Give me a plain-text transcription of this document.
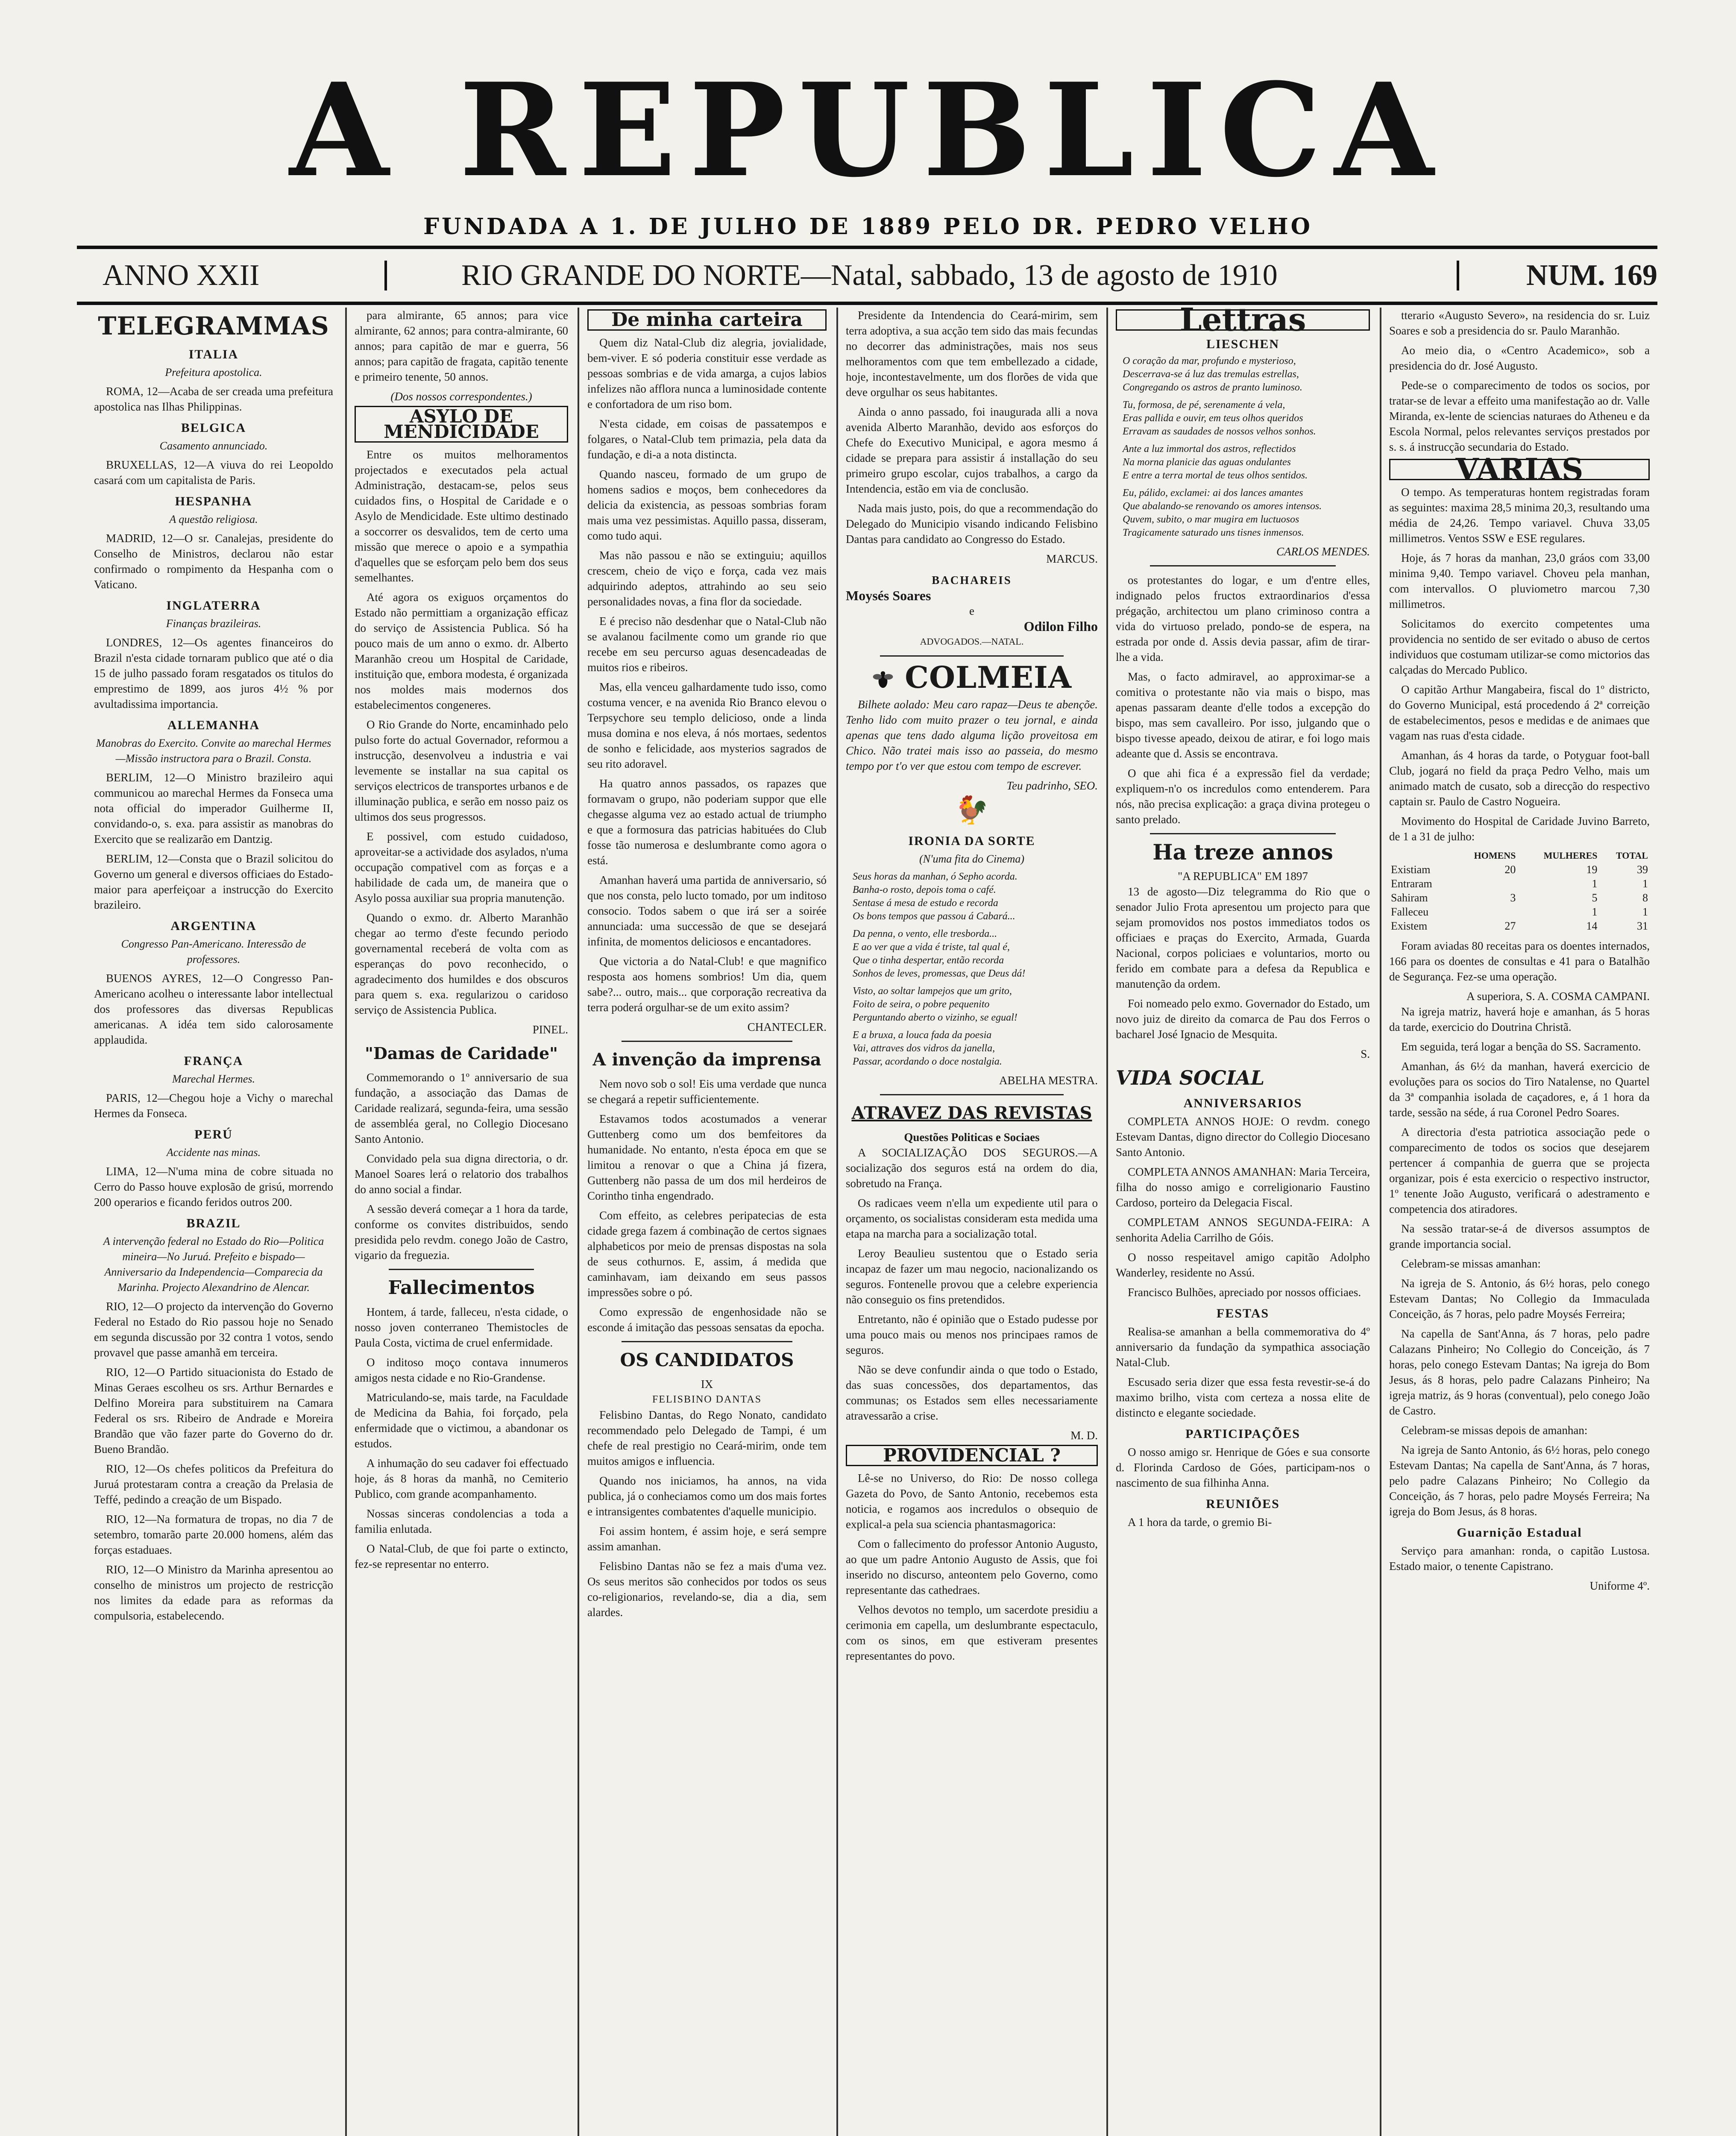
A REPUBLICA
FUNDADA A 1. DE JULHO DE 1889 PELO DR. PEDRO VELHO
ANNO XXII	RIO GRANDE DO NORTE—Natal, sabbado, 13 de agosto de 1910	NUM. 169
TELEGRAMMAS
ITALIA
Prefeitura apostolica.

ROMA, 12—Acaba de ser creada uma prefeitura apostolica nas Ilhas Philippinas.

BELGICA
Casamento annunciado.

BRUXELLAS, 12—A viuva do rei Leopoldo casará com um capitalista de Paris.

HESPANHA
A questão religiosa.

MADRID, 12—O sr. Canalejas, presidente do Conselho de Ministros, declarou não estar confirmado o rompimento da Hespanha com o Vaticano.

INGLATERRA
Finanças brazileiras.

LONDRES, 12—Os agentes financeiros do Brazil n'esta cidade tornaram publico que até o dia 15 de julho passado foram resgatados os titulos do emprestimo de 1899, aos juros 4½ % por avultadissima importancia.

ALLEMANHA
Manobras do Exercito. Convite ao marechal Hermes—Missão instructora para o Brazil. Consta.

BERLIM, 12—O Ministro brazileiro aqui communicou ao marechal Hermes da Fonseca uma nota official do imperador Guilherme II, convidando-o, s. exa. para assistir as manobras do Exercito que se realizarão em Dantzig.

BERLIM, 12—Consta que o Brazil solicitou do Governo um general e diversos officiaes do Estado-maior para aperfeiçoar a instrucção do Exercito brazileiro.

ARGENTINA
Congresso Pan-Americano. Interessão de professores.

BUENOS AYRES, 12—O Congresso Pan-Americano acolheu o interessante labor intellectual dos professores das diversas Republicas americanas. A idéa tem sido calorosamente applaudida.

FRANÇA
Marechal Hermes.

PARIS, 12—Chegou hoje a Vichy o marechal Hermes da Fonseca.

PERÚ
Accidente nas minas.

LIMA, 12—N'uma mina de cobre situada no Cerro do Passo houve explosão de grisú, morrendo 200 operarios e ficando feridos outros 200.

BRAZIL
A intervenção federal no Estado do Rio—Politica mineira—No Juruá. Prefeito e bispado—Anniversario da Independencia—Comparecia da Marinha. Projecto Alexandrino de Alencar.

RIO, 12—O projecto da intervenção do Governo Federal no Estado do Rio passou hoje no Senado em segunda discussão por 32 contra 1 votos, sendo provavel que passe amanhã em terceira.

RIO, 12—O Partido situacionista do Estado de Minas Geraes escolheu os srs. Arthur Bernardes e Delfino Moreira para substituirem na Camara Federal os srs. Ribeiro de Andrade e Moreira Brandão que vão fazer parte do Governo do dr. Bueno Brandão.

RIO, 12—Os chefes politicos da Prefeitura do Juruá protestaram contra a creação da Prelasia de Teffé, pedindo a creação de um Bispado.

RIO, 12—Na formatura de tropas, no dia 7 de setembro, tomarão parte 20.000 homens, além das forças estaduaes.

RIO, 12—O Ministro da Marinha apresentou ao conselho de ministros um projecto de restricção nos limites da edade para as reformas da compulsoria, estabelecendo.

para almirante, 65 annos; para vice almirante, 62 annos; para contra-almirante, 60 annos; para capitão de mar e guerra, 56 annos; para capitão de fragata, capitão tenente e primeiro tenente, 50 annos.

(Dos nossos correspondentes.)
ASYLO DE MENDICIDADE

Entre os muitos melhoramentos projectados e executados pela actual Administração, destacam-se, pelos seus cuidados fins, o Hospital de Caridade e o Asylo de Mendicidade. Este ultimo destinado a soccorrer os desvalidos, tem de certo uma missão que merece o apoio e a sympathia d'aquelles que se esforçam pelo bem dos seus semelhantes.

Até agora os exiguos orçamentos do Estado não permittiam a organização efficaz do serviço de Assistencia Publica. Só ha pouco mais de um anno o exmo. dr. Alberto Maranhão creou um Hospital de Caridade, instituição que, embora modesta, é organizada nos moldes mais modernos dos estabelecimentos congeneres.

O Rio Grande do Norte, encaminhado pelo pulso forte do actual Governador, reformou a instrucção, desenvolveu a industria e vai levemente se installar na sua capital os serviços electricos de transportes urbanos e de illuminação publica, e serão em nosso paiz os ultimos dos seus progressos.

E possivel, com estudo cuidadoso, aproveitar-se a actividade dos asylados, n'uma occupação compativel com as forças e a habilidade de cada um, de maneira que o Asylo possa auxiliar sua propria manutenção.

Quando o exmo. dr. Alberto Maranhão chegar ao termo d'este fecundo periodo governamental receberá de volta com as esperanças do povo reconhecido, o agradecimento dos humildes e dos obscuros para quem s. exa. regularizou o caridoso serviço de Assistencia Publica.

PINEL.
"Damas de Caridade"

Commemorando o 1º anniversario de sua fundação, a associação das Damas de Caridade realizará, segunda-feira, uma sessão de assembléa geral, no Collegio Diocesano Santo Antonio.

Convidado pela sua digna directoria, o dr. Manoel Soares lerá o relatorio dos trabalhos do anno social a findar.

A sessão deverá começar a 1 hora da tarde, conforme os convites distribuidos, sendo presidida pelo revdm. conego João de Castro, vigario da freguezia.

Fallecimentos

Hontem, á tarde, falleceu, n'esta cidade, o nosso joven conterraneo Themistocles de Paula Costa, victima de cruel enfermidade.

O inditoso moço contava innumeros amigos nesta cidade e no Rio-Grandense.

Matriculando-se, mais tarde, na Faculdade de Medicina da Bahia, foi forçado, pela enfermidade que o victimou, a abandonar os estudos.

A inhumação do seu cadaver foi effectuado hoje, ás 8 horas da manhã, no Cemiterio Publico, com grande acompanhamento.

Nossas sinceras condolencias a toda a familia enlutada.

O Natal-Club, de que foi parte o extincto, fez-se representar no enterro.

De minha carteira

Quem diz Natal-Club diz alegria, jovialidade, bem-viver. E só poderia constituir esse verdade as pessoas sombrias e de vida amarga, a cujos labios infelizes não afflora nunca a luminosidade contente e confortadora de um riso bom.

N'esta cidade, em coisas de passatempos e folgares, o Natal-Club tem primazia, pela data da fundação, e di-a a nota distincta.

Quando nasceu, formado de um grupo de homens sadios e moços, bem conhecedores da delicia da existencia, as pessoas sombrias foram mais uma vez pessimistas. Aquillo passa, disseram, como tudo aqui.

Mas não passou e não se extinguiu; aquillos crescem, cheio de viço e força, cada vez mais adquirindo adeptos, attrahindo ao seu seio personalidades novas, a fina flor da sociedade.

E é preciso não desdenhar que o Natal-Club não se avalanou facilmente como um grande rio que recebe em seu percurso aguas desencadeadas de muitos rios e ribeiros.

Mas, ella venceu galhardamente tudo isso, como costuma vencer, e na avenida Rio Branco elevou o Terpsychore seu templo delicioso, onde a linda musa domina e nos eleva, á nós mortaes, sedentos de sonho e felicidade, aos mysterios sagrados de seu rito adoravel.

Ha quatro annos passados, os rapazes que formavam o grupo, não poderiam suppor que elle chegasse alguma vez ao estado actual de triumpho e que a formosura das patricias habituées do Club fosse tão numerosa e deslumbrante como agora o está.

Amanhan haverá uma partida de anniversario, só que nos consta, pelo lucto tomado, por um inditoso consocio. Todos sabem o que irá ser a soirée annunciada: uma successão de que se desejará infinita, de momentos deliciosos e encantadores.

Que victoria a do Natal-Club! e que magnifico resposta aos homens sombrios! Um dia, quem sabe?... outro, mais... que corporação recreativa da terra poderá orgulhar-se de um exito assim?

CHANTECLER.
A invenção da imprensa

Nem novo sob o sol! Eis uma verdade que nunca se chegará a repetir sufficientemente.

Estavamos todos acostumados a venerar Guttenberg como um dos bemfeitores da humanidade. No entanto, n'esta época em que se limitou a renovar o que a China já fizera, Guttenberg não passa de um dos mil herdeiros de Corintho tinha engendrado.

Com effeito, as celebres peripatecias de esta cidade grega fazem á combinação de certos signaes alphabeticos por meio de prensas dispostas na sola de seus cothurnos. E, assim, á medida que caminhavam, iam deixando em seus passos impressões sobre o pó.

Como expressão de engenhosidade não se esconde á imitação das pessoas sensatas da epocha.

OS CANDIDATOS
IX
FELISBINO DANTAS

Felisbino Dantas, do Rego Nonato, candidato recommendado pelo Delegado de Tampi, é um chefe de real prestigio no Ceará-mirim, onde tem muitos amigos e influencia.

Quando nos iniciamos, ha annos, na vida publica, já o conheciamos como um dos mais fortes e intransigentes combatentes d'aquelle municipio.

Foi assim hontem, é assim hoje, e será sempre assim amanhan.

Felisbino Dantas não se fez a mais d'uma vez. Os seus meritos são conhecidos por todos os seus co-religionarios, revelando-se, dia a dia, sem alardes.

Presidente da Intendencia do Ceará-mirim, sem terra adoptiva, a sua acção tem sido das mais fecundas no decorrer das administrações, mais nos seus melhoramentos com que tem embellezado a cidade, hoje, incontestavelmente, um dos florões de vida que deve orgulhar os seus habitantes.

Ainda o anno passado, foi inaugurada alli a nova avenida Alberto Maranhão, devido aos esforços do Chefe do Executivo Municipal, e agora mesmo á cidade se prepara para assistir á installação do seu primeiro grupo escolar, cujos trabalhos, a cargo da Intendencia, estão em via de conclusão.

Nada mais justo, pois, do que a recommendação do Delegado do Municipio visando indicando Felisbino Dantas para candidato ao Congresso do Estado.

MARCUS.
BACHAREIS
Moysés Soares
e
Odilon Filho
ADVOGADOS.—NATAL.
COLMEIA

Bilhete aolado: Meu caro rapaz—Deus te abençõe. Tenho lido com muito prazer o teu jornal, e ainda apenas que tens dado alguma lição proveitosa em Chico. Não tratei mais isso ao passeia, do mesmo tempo por t'o ver que estou com tempo de escrever.

Teu padrinho, SEO.
🐓
IRONIA DA SORTE
(N'uma fita do Cinema)
Seus horas da manhan, ó Sepho acorda.
Banha-o rosto, depois toma o café.
Sentase á mesa de estudo e recorda
Os bons tempos que passou á Cabará...
Da penna, o vento, elle tresborda...
E ao ver que a vida é triste, tal qual é,
Que o tinha despertar, então recorda
Sonhos de leves, promessas, que Deus dá!
Visto, ao soltar lampejos que um grito,
Foito de seira, o pobre pequenito
Perguntando aberto o vizinho, se egual!
E a bruxa, a louca fada da poesia
Vai, attraves dos vidros da janella,
Passar, acordando o doce nostalgia.
ABELHA MESTRA.
ATRAVEZ DAS REVISTAS
Questões Politicas e Sociaes

A SOCIALIZAÇÃO DOS SEGUROS.—A socialização dos seguros está na ordem do dia, sobretudo na França.

Os radicaes veem n'ella um expediente util para o orçamento, os socialistas consideram esta medida uma etapa na marcha para a socialização total.

Leroy Beaulieu sustentou que o Estado seria incapaz de fazer um mau negocio, nacionalizando os seguros. Fontenelle provou que a celebre experiencia não conseguio os fins pretendidos.

Entretanto, não é opinião que o Estado pudesse por uma pouco mais ou menos nos principaes ramos de seguros.

Não se deve confundir ainda o que todo o Estado, das suas concessões, dos departamentos, das communas; os Estados sem elles necessariamente atravessarão a crise.

M. D.
PROVIDENCIAL ?

Lê-se no Universo, do Rio: De nosso collega Gazeta do Povo, de Santo Antonio, recebemos esta noticia, e rogamos aos incredulos o obsequio de explical-a pela sua sciencia phantasmagorica:

Com o fallecimento do professor Antonio Augusto, ao que um padre Antonio Augusto de Assis, que foi inserido no discurso, anteontem pelo Governo, como representante das cathedraes.

Velhos devotos no templo, um sacerdote presidiu a cerimonia em capella, um deslumbrante espectaculo, com os sinos, em que estiveram presentes representantes do povo.

Lettras
LIESCHEN
O coração da mar, profundo e mysterioso,
Descerrava-se á luz das tremulas estrellas,
Congregando os astros de pranto luminoso.
Tu, formosa, de pé, serenamente á vela,
Eras pallida e ouvir, em teus olhos queridos
Erravam as saudades de nossos velhos sonhos.
Ante a luz immortal dos astros, reflectidos
Na morna planicie das aguas ondulantes
E entre a terra mortal de teus olhos sentidos.
Eu, pálido, exclamei: ai dos lances amantes
Que abalando-se renovando os amores intensos.
Quvem, subito, o mar mugira em luctuosos
Tragicamente saturado uns tisnes inmensos.
CARLOS MENDES.

os protestantes do logar, e um d'entre elles, indignado pelos fructos extraordinarios d'essa prégação, architectou um plano criminoso contra a vida do virtuoso prelado, pondo-se de espera, na estrada por onde d. Assis devia passar, afim de tirar-lhe a vida.

Mas, o facto admiravel, ao approximar-se a comitiva o protestante não via mais o bispo, mas apenas passaram deante d'elle todos a excepção do bispo, mas sem cavalleiro. Por isso, julgando que o bispo tivesse apeado, deixou de atirar, e foi logo mais adeante que d. Assis se encontrava.

O que ahi fica é a expressão fiel da verdade; expliquem-n'o os incredulos como entenderem. Para nós, não precisa explicação: a graça divina protegeu o santo prelado.

Ha treze annos
"A REPUBLICA" EM 1897

13 de agosto—Diz telegramma do Rio que o senador Julio Frota apresentou um projecto para que sejam promovidos nos postos immediatos todos os officiaes e praças do Exercito, Armada, Guarda Nacional, corpos policiaes e voluntarios, morto ou ferido em combate para a defesa da Republica e manutenção da ordem.

Foi nomeado pelo exmo. Governador do Estado, um novo juiz de direito da comarca de Pau dos Ferros o bacharel José Ignacio de Mesquita.

S.
VIDA SOCIAL
ANNIVERSARIOS

COMPLETA ANNOS HOJE: O revdm. conego Estevam Dantas, digno director do Collegio Diocesano Santo Antonio.

COMPLETA ANNOS AMANHAN: Maria Terceira, filha do nosso amigo e correligionario Faustino Cardoso, porteiro da Delegacia Fiscal.

COMPLETAM ANNOS SEGUNDA-FEIRA: A senhorita Adelia Carrilho de Góis.

O nosso respeitavel amigo capitão Adolpho Wanderley, residente no Assú.

Francisco Bulhões, apreciado por nossos officiaes.

FESTAS

Realisa-se amanhan a bella commemorativa do 4º anniversario da fundação da sympathica associação Natal-Club.

Escusado seria dizer que essa festa revestir-se-á do maximo brilho, vista com certeza a nossa elite de distincto e elegante sociedade.

PARTICIPAÇÕES

O nosso amigo sr. Henrique de Góes e sua consorte d. Florinda Cardoso de Góes, participam-nos o nascimento de sua filhinha Anna.

REUNIÕES

A 1 hora da tarde, o gremio Bi-

tterario «Augusto Severo», na residencia do sr. Luiz Soares e sob a presidencia do sr. Paulo Maranhão.

Ao meio dia, o «Centro Academico», sob a presidencia do dr. José Augusto.

Pede-se o comparecimento de todos os socios, por tratar-se de levar a effeito uma manifestação ao dr. Valle Miranda, ex-lente de sciencias naturaes do Atheneu e da Escola Normal, pelos relevantes serviços prestados por s. s. á instrucção secundaria do Estado.

VARIAS

O tempo. As temperaturas hontem registradas foram as seguintes: maxima 28,5 minima 20,3, resultando uma média de 24,26. Tempo variavel. Chuva 33,05 millimetros. Ventos SSW e ESE regulares.

Hoje, ás 7 horas da manhan, 23,0 gráos com 33,00 minima 9,40. Tempo variavel. Choveu pela manhan, com intervallos. O pluviometro marcou 7,30 millimetros.

Solicitamos do exercito competentes uma providencia no sentido de ser evitado o abuso de certos individuos que costumam utilizar-se como mictorios das calçadas do Mercado Publico.

O capitão Arthur Mangabeira, fiscal do 1º districto, do Governo Municipal, está procedendo á 2ª correição de estabelecimentos, pesos e medidas e de animaes que vagam nas ruas d'esta cidade.

Amanhan, ás 4 horas da tarde, o Potyguar foot-ball Club, jogará no field da praça Pedro Velho, mais um animado match de cusato, sob a direcção do respectivo captain sr. Paulo de Castro Nogueira.

Movimento do Hospital de Caridade Juvino Barreto, de 1 a 31 de julho:

	HOMENS	MULHERES	TOTAL
Existiam	20	19	39
Entraram		1	1
Sahiram	3	5	8
Falleceu		1	1
Existem	27	14	31

Foram aviadas 80 receitas para os doentes internados, 166 para os doentes de consultas e 41 para o Batalhão de Segurança. Fez-se uma operação.

A superiora, S. A. COSMA CAMPANI.

Na igreja matriz, haverá hoje e amanhan, ás 5 horas da tarde, exercicio do Doutrina Christã.

Em seguida, terá logar a bençãa do SS. Sacramento.

Amanhan, ás 6½ da manhan, haverá exercicio de evoluções para os socios do Tiro Natalense, no Quartel da 3ª companhia isolada de caçadores, e, á 1 hora da tarde, sessão na séde, á rua Coronel Pedro Soares.

A directoria d'esta patriotica associação pede o comparecimento de todos os socios que desejarem pertencer á companhia de guerra que se projecta organizar, pois é esta exercicio o respectivo instructor, 1º tenente João Augusto, verificará o adestramento e competencia dos atiradores.

Na sessão tratar-se-á de diversos assumptos de grande importancia social.

Celebram-se missas amanhan:

Na igreja de S. Antonio, ás 6½ horas, pelo conego Estevam Dantas; No Collegio da Immaculada Conceição, ás 7 horas, pelo padre Moysés Ferreira;

Na capella de Sant'Anna, ás 7 horas, pelo padre Calazans Pinheiro; No Collegio do Conceição, ás 7 horas, pelo conego Estevam Dantas; Na igreja do Bom Jesus, ás 8 horas, pelo padre Calazans Pinheiro; Na igreja matriz, ás 9 horas (conventual), pelo conego João de Castro.

Celebram-se missas depois de amanhan:

Na igreja de Santo Antonio, ás 6½ horas, pelo conego Estevam Dantas; Na capella de Sant'Anna, ás 7 horas, pelo padre Calazans Pinheiro; No Collegio da Conceição, ás 7 horas, pelo padre Moysés Ferreira; Na igreja do Bom Jesus, ás 8 horas.

Guarnição Estadual

Serviço para amanhan: ronda, o capitão Lustosa. Estado maior, o tenente Capistrano.

Uniforme 4º.
